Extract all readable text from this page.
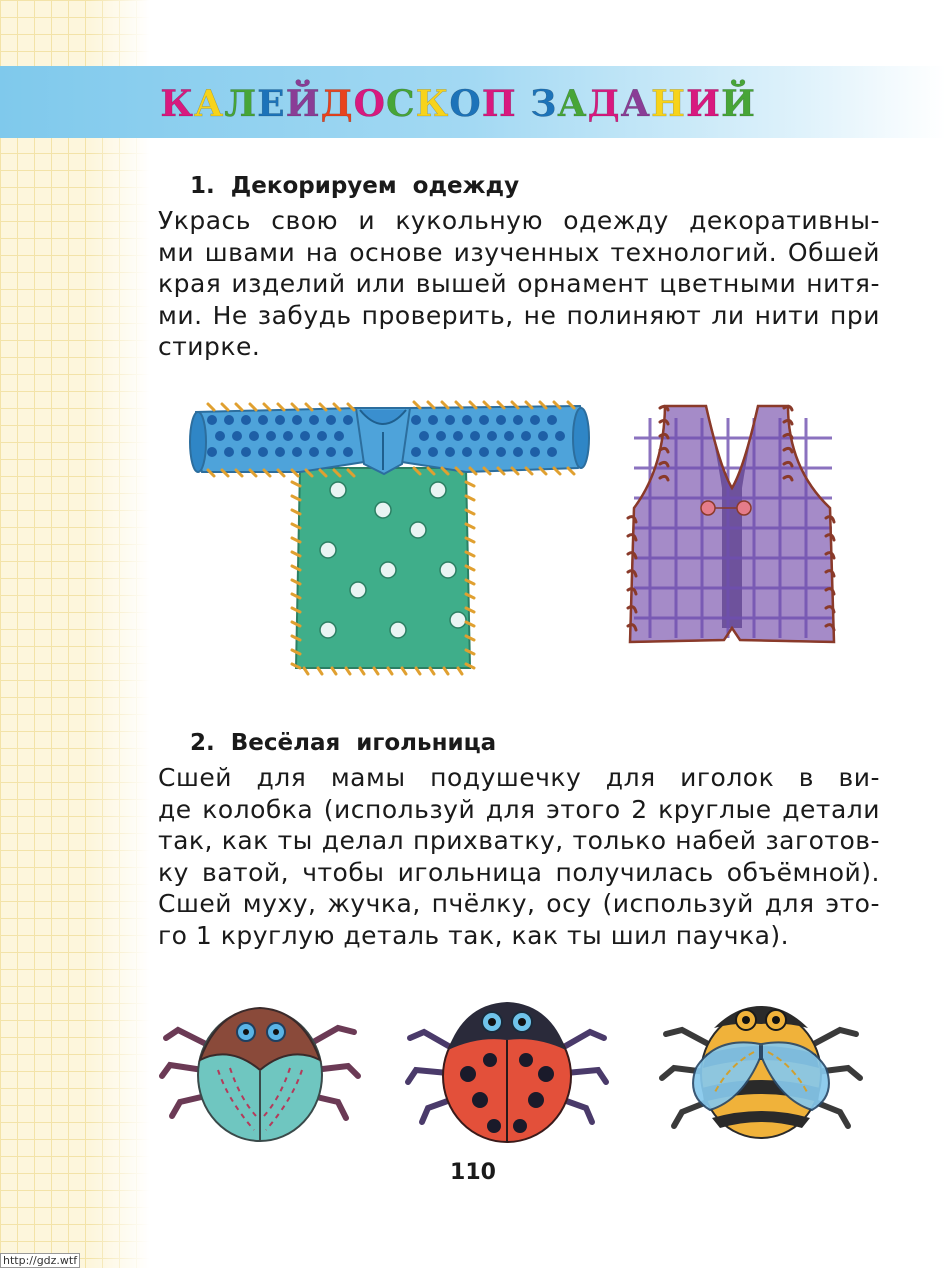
КАЛЕЙДОСКОП ЗАДАНИЙ
1. Декорируем одежду
Укрась свою и кукольную одежду декоративны-
ми швами на основе изученных технологий. Обшей
края изделий или вышей орнамент цветными нитя-
ми. Не забудь проверить, не полиняют ли нити при
стирке.
2. Весёлая игольница
Сшей для мамы подушечку для иголок в ви-
де колобка (используй для этого 2 круглые детали
так, как ты делал прихватку, только набей заготов-
ку ватой, чтобы игольница получилась объёмной).
Сшей муху, жучка, пчёлку, осу (используй для это-
го 1 круглую деталь так, как ты шил паучка).
110
http://gdz.wtf
